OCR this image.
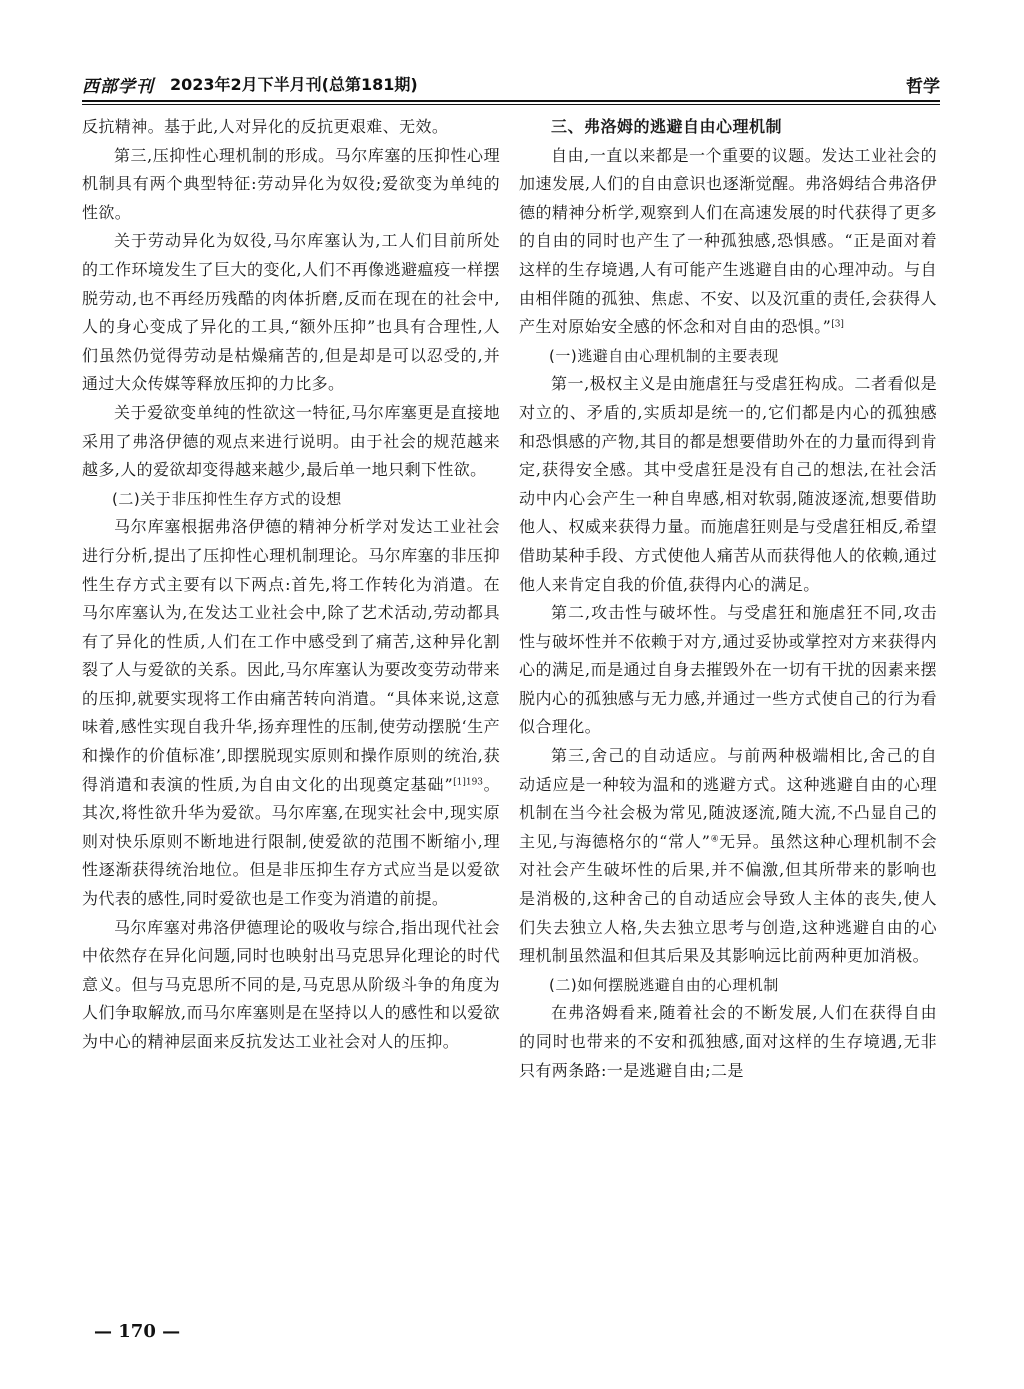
西部学刊 2023年2月下半月刊(总第181期)	哲学

反抗精神。基于此,人对异化的反抗更艰难、无效。

第三,压抑性心理机制的形成。马尔库塞的压抑性心理机制具有两个典型特征:劳动异化为奴役;爱欲变为单纯的性欲。

关于劳动异化为奴役,马尔库塞认为,工人们目前所处的工作环境发生了巨大的变化,人们不再像逃避瘟疫一样摆脱劳动,也不再经历残酷的肉体折磨,反而在现在的社会中,人的身心变成了异化的工具,“额外压抑”也具有合理性,人们虽然仍觉得劳动是枯燥痛苦的,但是却是可以忍受的,并通过大众传媒等释放压抑的力比多。

关于爱欲变单纯的性欲这一特征,马尔库塞更是直接地采用了弗洛伊德的观点来进行说明。由于社会的规范越来越多,人的爱欲却变得越来越少,最后单一地只剩下性欲。

(二)关于非压抑性生存方式的设想

马尔库塞根据弗洛伊德的精神分析学对发达工业社会进行分析,提出了压抑性心理机制理论。马尔库塞的非压抑性生存方式主要有以下两点:首先,将工作转化为消遣。在马尔库塞认为,在发达工业社会中,除了艺术活动,劳动都具有了异化的性质,人们在工作中感受到了痛苦,这种异化割裂了人与爱欲的关系。因此,马尔库塞认为要改变劳动带来的压抑,就要实现将工作由痛苦转向消遣。“具体来说,这意味着,感性实现自我升华,扬弃理性的压制,使劳动摆脱‘生产和操作的价值标准’,即摆脱现实原则和操作原则的统治,获得消遣和表演的性质,为自由文化的出现奠定基础”$^{[1]193}$。其次,将性欲升华为爱欲。马尔库塞,在现实社会中,现实原则对快乐原则不断地进行限制,使爱欲的范围不断缩小,理性逐渐获得统治地位。但是非压抑生存方式应当是以爱欲为代表的感性,同时爱欲也是工作变为消遣的前提。

马尔库塞对弗洛伊德理论的吸收与综合,指出现代社会中依然存在异化问题,同时也映射出马克思异化理论的时代意义。但与马克思所不同的是,马克思从阶级斗争的角度为人们争取解放,而马尔库塞则是在坚持以人的感性和以爱欲为中心的精神层面来反抗发达工业社会对人的压抑。

三、弗洛姆的逃避自由心理机制

自由,一直以来都是一个重要的议题。发达工业社会的加速发展,人们的自由意识也逐渐觉醒。弗洛姆结合弗洛伊德的精神分析学,观察到人们在高速发展的时代获得了更多的自由的同时也产生了一种孤独感,恐惧感。“正是面对着这样的生存境遇,人有可能产生逃避自由的心理冲动。与自由相伴随的孤独、焦虑、不安、以及沉重的责任,会获得人产生对原始安全感的怀念和对自由的恐惧。”[3]

(一)逃避自由心理机制的主要表现

第一,极权主义是由施虐狂与受虐狂构成。二者看似是对立的、矛盾的,实质却是统一的,它们都是内心的孤独感和恐惧感的产物,其目的都是想要借助外在的力量而得到肯定,获得安全感。其中受虐狂是没有自己的想法,在社会活动中内心会产生一种自卑感,相对软弱,随波逐流,想要借助他人、权威来获得力量。而施虐狂则是与受虐狂相反,希望借助某种手段、方式使他人痛苦从而获得他人的依赖,通过他人来肯定自我的价值,获得内心的满足。

第二,攻击性与破坏性。与受虐狂和施虐狂不同,攻击性与破坏性并不依赖于对方,通过妥协或掌控对方来获得内心的满足,而是通过自身去摧毁外在一切有干扰的因素来摆脱内心的孤独感与无力感,并通过一些方式使自己的行为看似合理化。

第三,舍己的自动适应。与前两种极端相比,舍己的自动适应是一种较为温和的逃避方式。这种逃避自由的心理机制在当今社会极为常见,随波逐流,随大流,不凸显自己的主见,与海德格尔的“常人”④无异。虽然这种心理机制不会对社会产生破坏性的后果,并不偏激,但其所带来的影响也是消极的,这种舍己的自动适应会导致人主体的丧失,使人们失去独立人格,失去独立思考与创造,这种逃避自由的心理机制虽然温和但其后果及其影响远比前两种更加消极。

(二)如何摆脱逃避自由的心理机制

在弗洛姆看来,随着社会的不断发展,人们在获得自由的同时也带来的不安和孤独感,面对这样的生存境遇,无非只有两条路:一是逃避自由;二是

— 170 —
